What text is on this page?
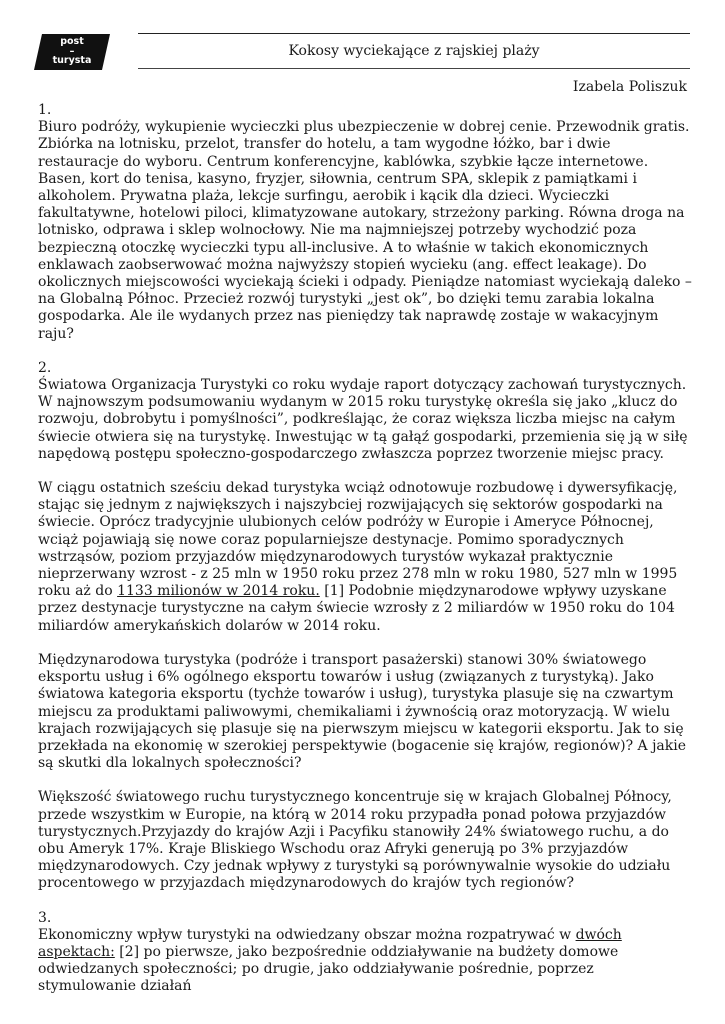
post
–
turysta
Kokosy wyciekające z rajskiej plaży
Izabela Poliszuk

1.

Biuro podróży, wykupienie wycieczki plus ubezpieczenie w dobrej cenie. Przewodnik gratis. Zbiórka na lotnisku, przelot, transfer do hotelu, a tam wygodne łóżko, bar i dwie restauracje do wyboru. Centrum konferencyjne, kablówka, szybkie łącze internetowe. Basen, kort do tenisa, kasyno, fryzjer, siłownia, centrum SPA, sklepik z pamiątkami i alkoholem. Prywatna plaża, lekcje surfingu, aerobik i kącik dla dzieci. Wycieczki fakultatywne, hotelowi piloci, klimatyzowane autokary, strzeżony parking. Równa droga na lotnisko, odprawa i sklep wolnocłowy. Nie ma najmniejszej potrzeby wychodzić poza bezpieczną otoczkę wycieczki typu all-inclusive. A to właśnie w takich ekonomicznych enklawach zaobserwować można najwyższy stopień wycieku (ang. effect leakage). Do okolicznych miejscowości wyciekają ścieki i odpady. Pieniądze natomiast wyciekają daleko – na Globalną Północ. Przecież rozwój turystyki „jest ok”, bo dzięki temu zarabia lokalna gospodarka. Ale ile wydanych przez nas pieniędzy tak naprawdę zostaje w wakacyjnym raju?

2.

Światowa Organizacja Turystyki co roku wydaje raport dotyczący zachowań turystycznych. W najnowszym podsumowaniu wydanym w 2015 roku turystykę określa się jako „klucz do rozwoju, dobrobytu i pomyślności”, podkreślając, że coraz większa liczba miejsc na całym świecie otwiera się na turystykę. Inwestując w tą gałąź gospodarki, przemienia się ją w siłę napędową postępu społeczno-gospodarczego zwłaszcza poprzez tworzenie miejsc pracy.

W ciągu ostatnich sześciu dekad turystyka wciąż odnotowuje rozbudowę i dywersyfikację, stając się jednym z największych i najszybciej rozwijających się sektorów gospodarki na świecie. Oprócz tradycyjnie ulubionych celów podróży w Europie i Ameryce Północnej, wciąż pojawiają się nowe coraz popularniejsze destynacje. Pomimo sporadycznych wstrząsów, poziom przyjazdów międzynarodowych turystów wykazał praktycznie nieprzerwany wzrost - z 25 mln w 1950 roku przez 278 mln w roku 1980, 527 mln w 1995 roku aż do 1133 milionów w 2014 roku. [1] Podobnie międzynarodowe wpływy uzyskane przez destynacje turystyczne na całym świecie wzrosły z 2 miliardów w 1950 roku do 104 miliardów amerykańskich dolarów w 2014 roku.

Międzynarodowa turystyka (podróże i transport pasażerski) stanowi 30% światowego eksportu usług i 6% ogólnego eksportu towarów i usług (związanych z turystyką). Jako światowa kategoria eksportu (tychże towarów i usług), turystyka plasuje się na czwartym miejscu za produktami paliwowymi, chemikaliami i żywnością oraz motoryzacją. W wielu krajach rozwijających się plasuje się na pierwszym miejscu w kategorii eksportu. Jak to się przekłada na ekonomię w szerokiej perspektywie (bogacenie się krajów, regionów)? A jakie są skutki dla lokalnych społeczności?

Większość światowego ruchu turystycznego koncentruje się w krajach Globalnej Północy, przede wszystkim w Europie, na którą w 2014 roku przypadła ponad połowa przyjazdów turystycznych.Przyjazdy do krajów Azji i Pacyfiku stanowiły 24% światowego ruchu, a do obu Ameryk 17%. Kraje Bliskiego Wschodu oraz Afryki generują po 3% przyjazdów międzynarodowych. Czy jednak wpływy z turystyki są porównywalnie wysokie do udziału procentowego w przyjazdach międzynarodowych do krajów tych regionów?

3.

Ekonomiczny wpływ turystyki na odwiedzany obszar można rozpatrywać w dwóch aspektach: [2] po pierwsze, jako bezpośrednie oddziaływanie na budżety domowe odwiedzanych społeczności; po drugie, jako oddziaływanie pośrednie, poprzez stymulowanie działań
